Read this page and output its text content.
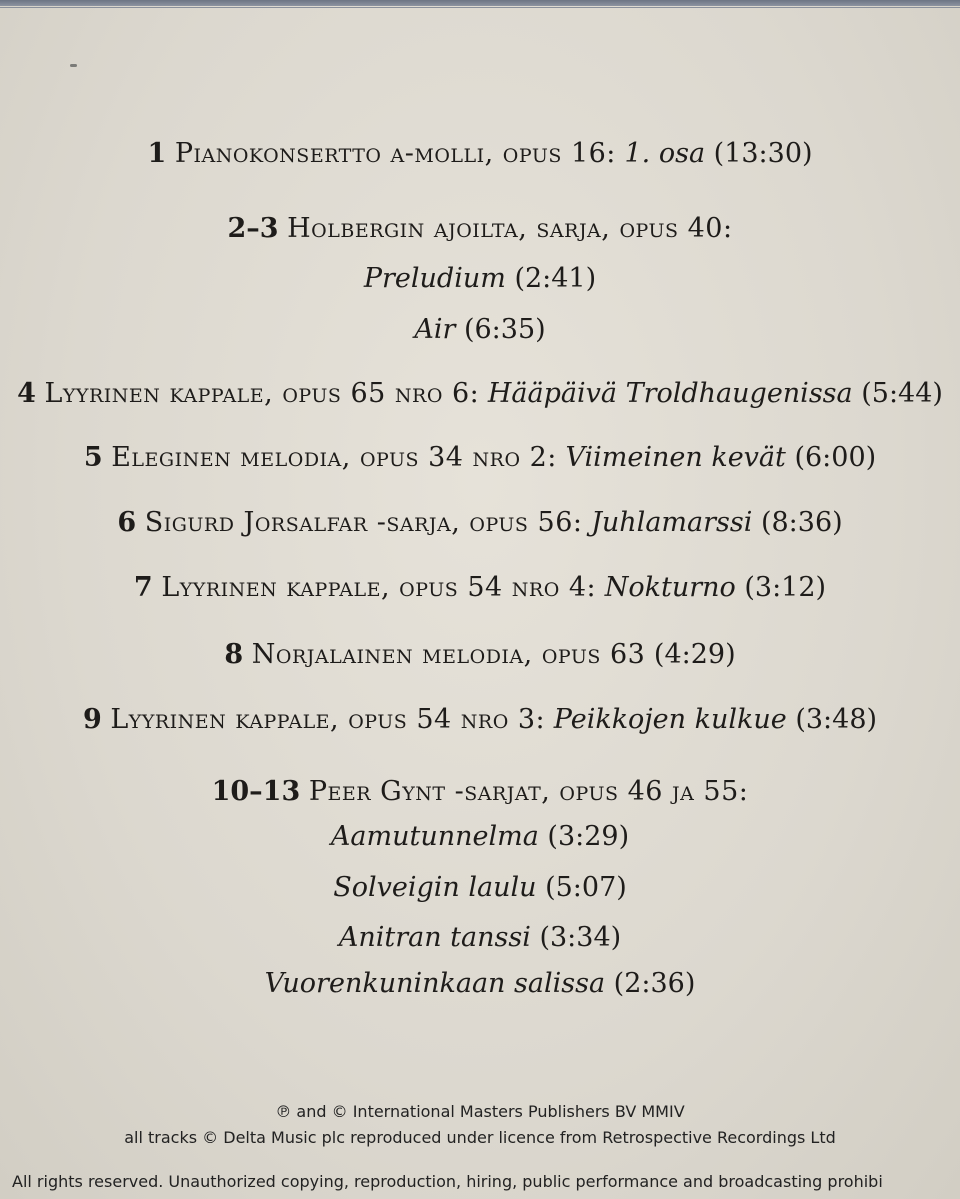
1 Pianokonsertto a-molli, opus 16: 1. osa (13:30)
2–3 Holbergin ajoilta, sarja, opus 40:
Preludium (2:41)
Air (6:35)
4 Lyyrinen kappale, opus 65 nro 6: Hääpäivä Troldhaugenissa (5:44)
5 Eleginen melodia, opus 34 nro 2: Viimeinen kevät (6:00)
6 Sigurd Jorsalfar -sarja, opus 56: Juhlamarssi (8:36)
7 Lyyrinen kappale, opus 54 nro 4: Nokturno (3:12)
8 Norjalainen melodia, opus 63 (4:29)
9 Lyyrinen kappale, opus 54 nro 3: Peikkojen kulkue (3:48)
10–13 Peer Gynt -sarjat, opus 46 ja 55:
Aamutunnelma (3:29)
Solveigin laulu (5:07)
Anitran tanssi (3:34)
Vuorenkuninkaan salissa (2:36)
℗ and © International Masters Publishers BV MMIV
all tracks © Delta Music plc reproduced under licence from Retrospective Recordings Ltd
All rights reserved. Unauthorized copying, reproduction, hiring, public performance and broadcasting prohibi
